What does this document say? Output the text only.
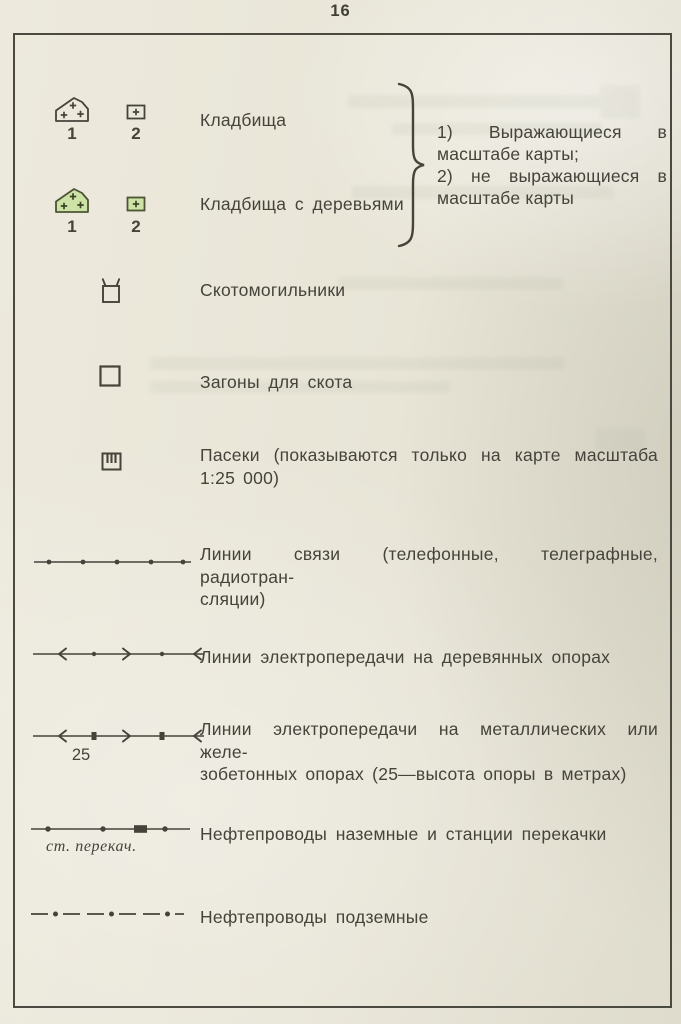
16
1	2
Кладбища
1	2
Кладбища с деревьями
1) Выражающиеся в
масштабе карты;
2) не выражающиеся в
масштабе карты
Скотомогильники
Загоны для скота
Пасеки (показываются только на карте масштаба
1:25 000)
Линии связи (телефонные, телеграфные, радиотран-
сляции)
Линии электропередачи на деревянных опорах
25
Линии электропередачи на металлических или желе-
зобетонных опорах (25—высота опоры в метрах)
ст. перекач.
Нефтепроводы наземные и станции перекачки
Нефтепроводы подземные
